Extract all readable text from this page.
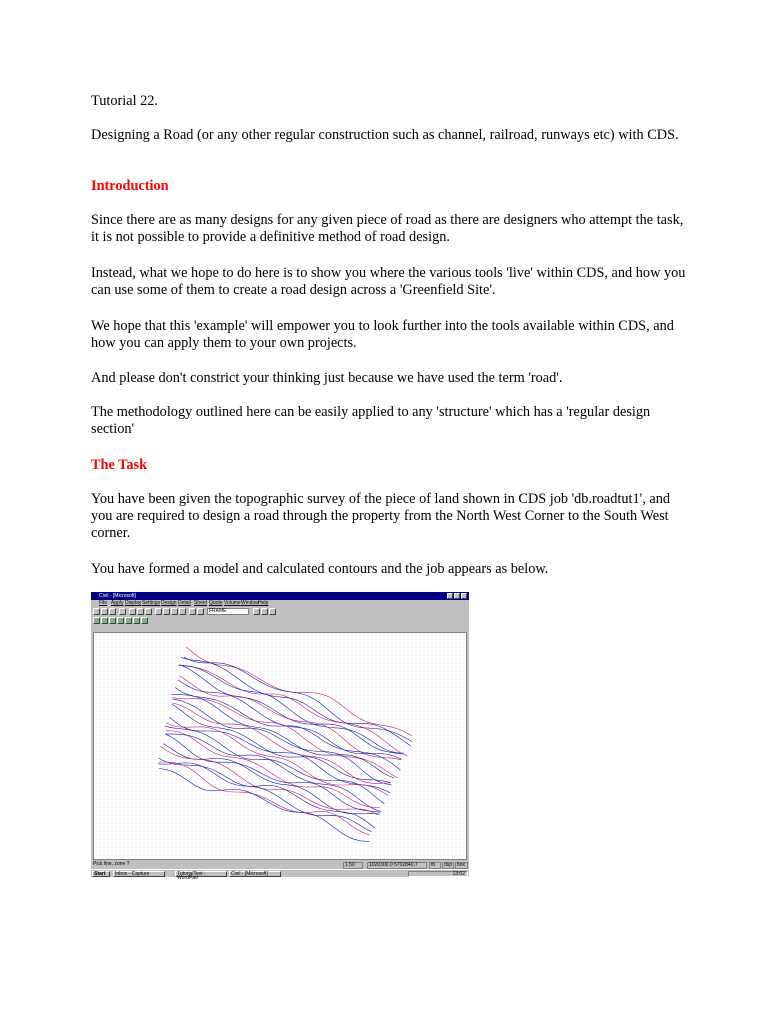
Tutorial 22.

Designing a Road (or any other regular construction such as channel, railroad, runways etc) with CDS.

Introduction

Since there are as many designs for any given piece of road as there are designers who attempt the task, it is not possible to provide a definitive method of road design.

Instead, what we hope to do here is to show you where the various tools 'live' within CDS, and how you can use some of them to create a road design across a 'Greenfield Site'.

We hope that this 'example' will empower you to look further into the tools available within CDS, and how you can apply them to your own projects.

And please don't constrict your thinking just because we have used the term 'road'.

The methodology outlined here can be easily applied to any 'structure' which has a 'regular design section'

The Task

You have been given the topographic survey of the piece of land shown in CDS job 'db.roadtut1', and you are required to design a road through the property from the North West Corner to the South West corner.

You have formed a model and calculated contours and the job appears as below.

Civil - [Microsoft]
File Apply Display Settings Design Detail Sheet Quote Volume Window Help
FRAME
Pick line, zone ?	1.50	1020300.0 5702840.7	th dsp box
Start	Inbox - Capture	TutorialText - WordPad
Civil - [Microsoft]	13:02
